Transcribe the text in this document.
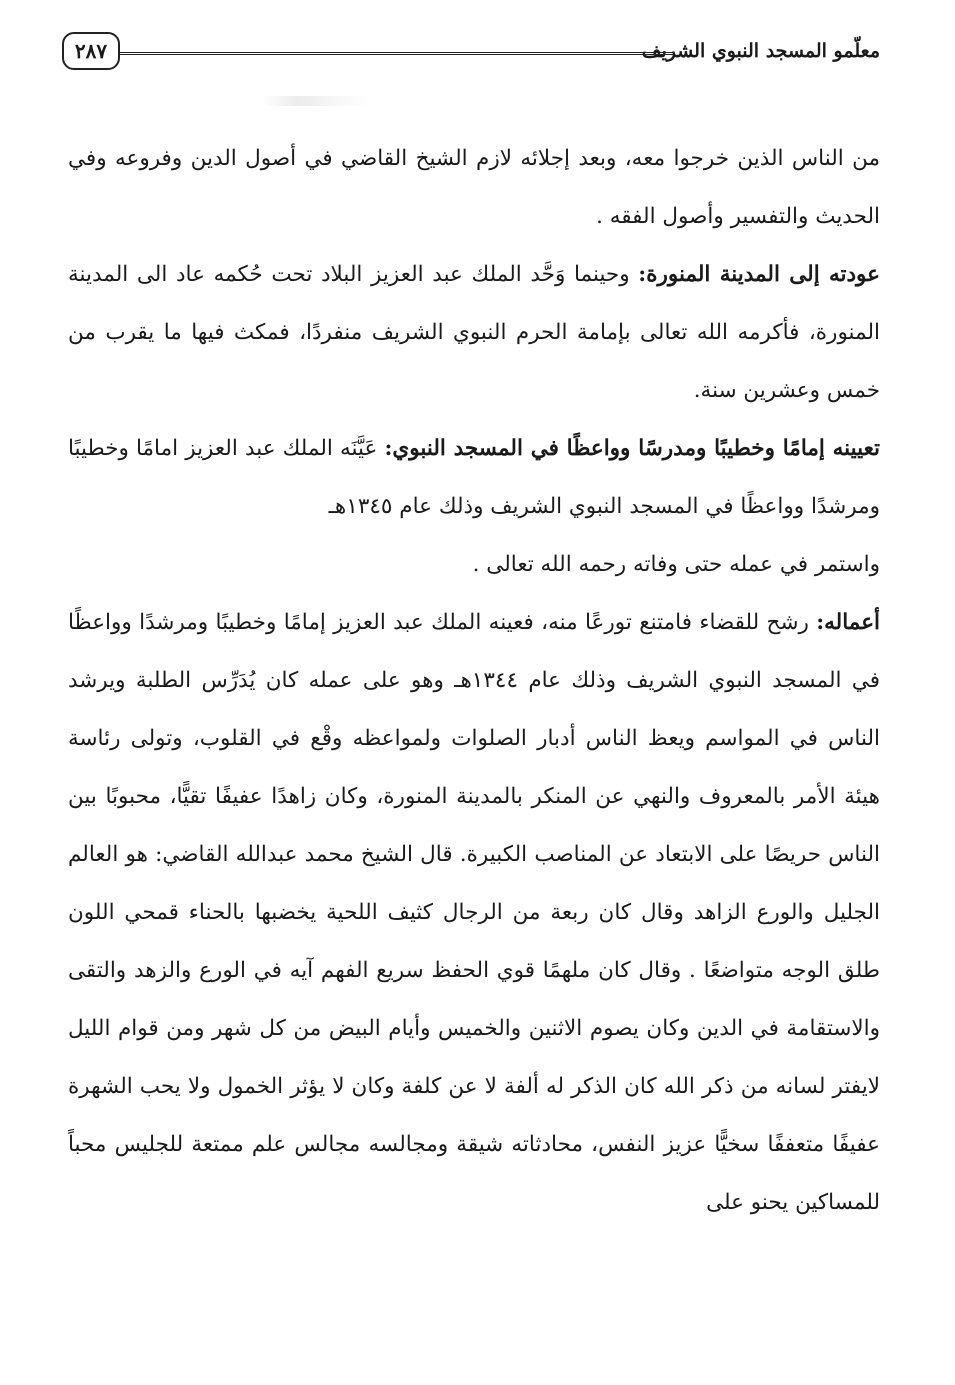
معلّمو المسجد النبوي الشريف
٢٨٧

من الناس الذين خرجوا معه، وبعد إجلائه لازم الشيخ القاضي في أصول الدين وفروعه وفي الحديث والتفسير وأصول الفقه .

عودته إلى المدينة المنورة: وحينما وَحَّد الملك عبد العزيز البلاد تحت حُكمه عاد الى المدينة المنورة، فأكرمه الله تعالى بإمامة الحرم النبوي الشريف منفردًا، فمكث فيها ما يقرب من خمس وعشرين سنة.

تعيينه إمامًا وخطيبًا ومدرسًا وواعظًا في المسجد النبوي: عَيَّنَه الملك عبد العزيز امامًا وخطيبًا ومرشدًا وواعظًا في المسجد النبوي الشريف وذلك عام ١٣٤٥هـ

واستمر في عمله حتى وفاته رحمه الله تعالى .

أعماله: رشح للقضاء فامتنع تورعًا منه، فعينه الملك عبد العزيز إمامًا وخطيبًا ومرشدًا وواعظًا في المسجد النبوي الشريف وذلك عام ١٣٤٤هـ وهو على عمله كان يُدَرِّس الطلبة ويرشد الناس في المواسم ويعظ الناس أدبار الصلوات ولمواعظه وقْع في القلوب، وتولى رئاسة هيئة الأمر بالمعروف والنهي عن المنكر بالمدينة المنورة، وكان زاهدًا عفيفًا تقيًّا، محبوبًا بين الناس حريصًا على الابتعاد عن المناصب الكبيرة. قال الشيخ محمد عبدالله القاضي: هو العالم الجليل والورع الزاهد وقال كان ربعة من الرجال كثيف اللحية يخضبها بالحناء قمحي اللون طلق الوجه متواضعًا . وقال كان ملهمًا قوي الحفظ سريع الفهم آيه في الورع والزهد والتقى والاستقامة في الدين وكان يصوم الاثنين والخميس وأيام البيض من كل شهر ومن قوام الليل لايفتر لسانه من ذكر الله كان الذكر له ألفة لا عن كلفة وكان لا يؤثر الخمول ولا يحب الشهرة عفيفًا متعففًا سخيًّا عزيز النفس، محادثاته شيقة ومجالسه مجالس علم ممتعة للجليس محباً للمساكين يحنو على
